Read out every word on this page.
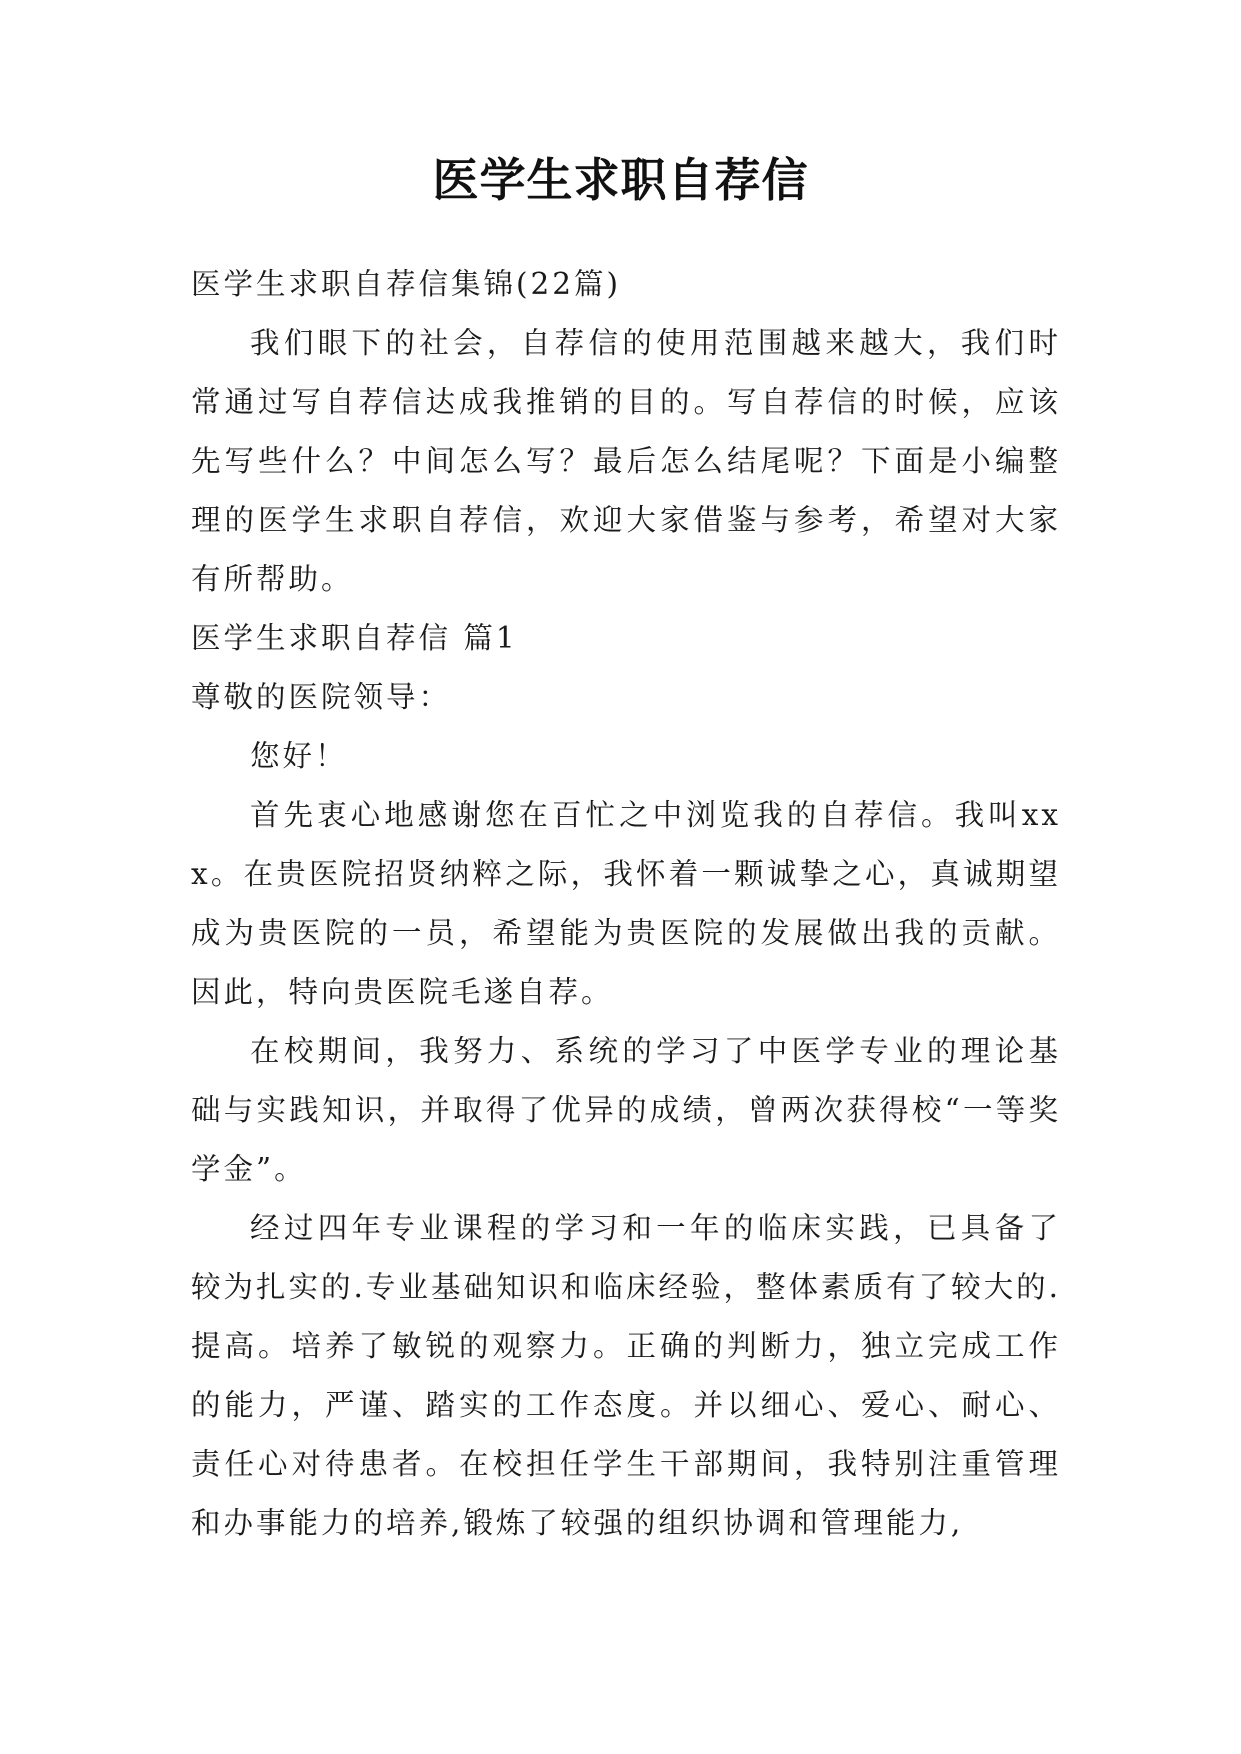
医学生求职自荐信

医学生求职自荐信集锦(22篇)

我们眼下的社会，自荐信的使用范围越来越大，我们时常通过写自荐信达成我推销的目的。写自荐信的时候，应该先写些什么？中间怎么写？最后怎么结尾呢？下面是小编整理的医学生求职自荐信，欢迎大家借鉴与参考，希望对大家有所帮助。

医学生求职自荐信 篇1

尊敬的医院领导：

您好！

首先衷心地感谢您在百忙之中浏览我的自荐信。我叫xxx。在贵医院招贤纳粹之际，我怀着一颗诚挚之心，真诚期望成为贵医院的一员，希望能为贵医院的发展做出我的贡献。因此，特向贵医院毛遂自荐。

在校期间，我努力、系统的学习了中医学专业的理论基础与实践知识，并取得了优异的成绩，曾两次获得校“一等奖学金”。

经过四年专业课程的学习和一年的临床实践，已具备了较为扎实的.专业基础知识和临床经验，整体素质有了较大的.提高。培养了敏锐的观察力。正确的判断力，独立完成工作的能力，严谨、踏实的工作态度。并以细心、爱心、耐心、责任心对待患者。在校担任学生干部期间，我特别注重管理和办事能力的培养,锻炼了较强的组织协调和管理能力,
